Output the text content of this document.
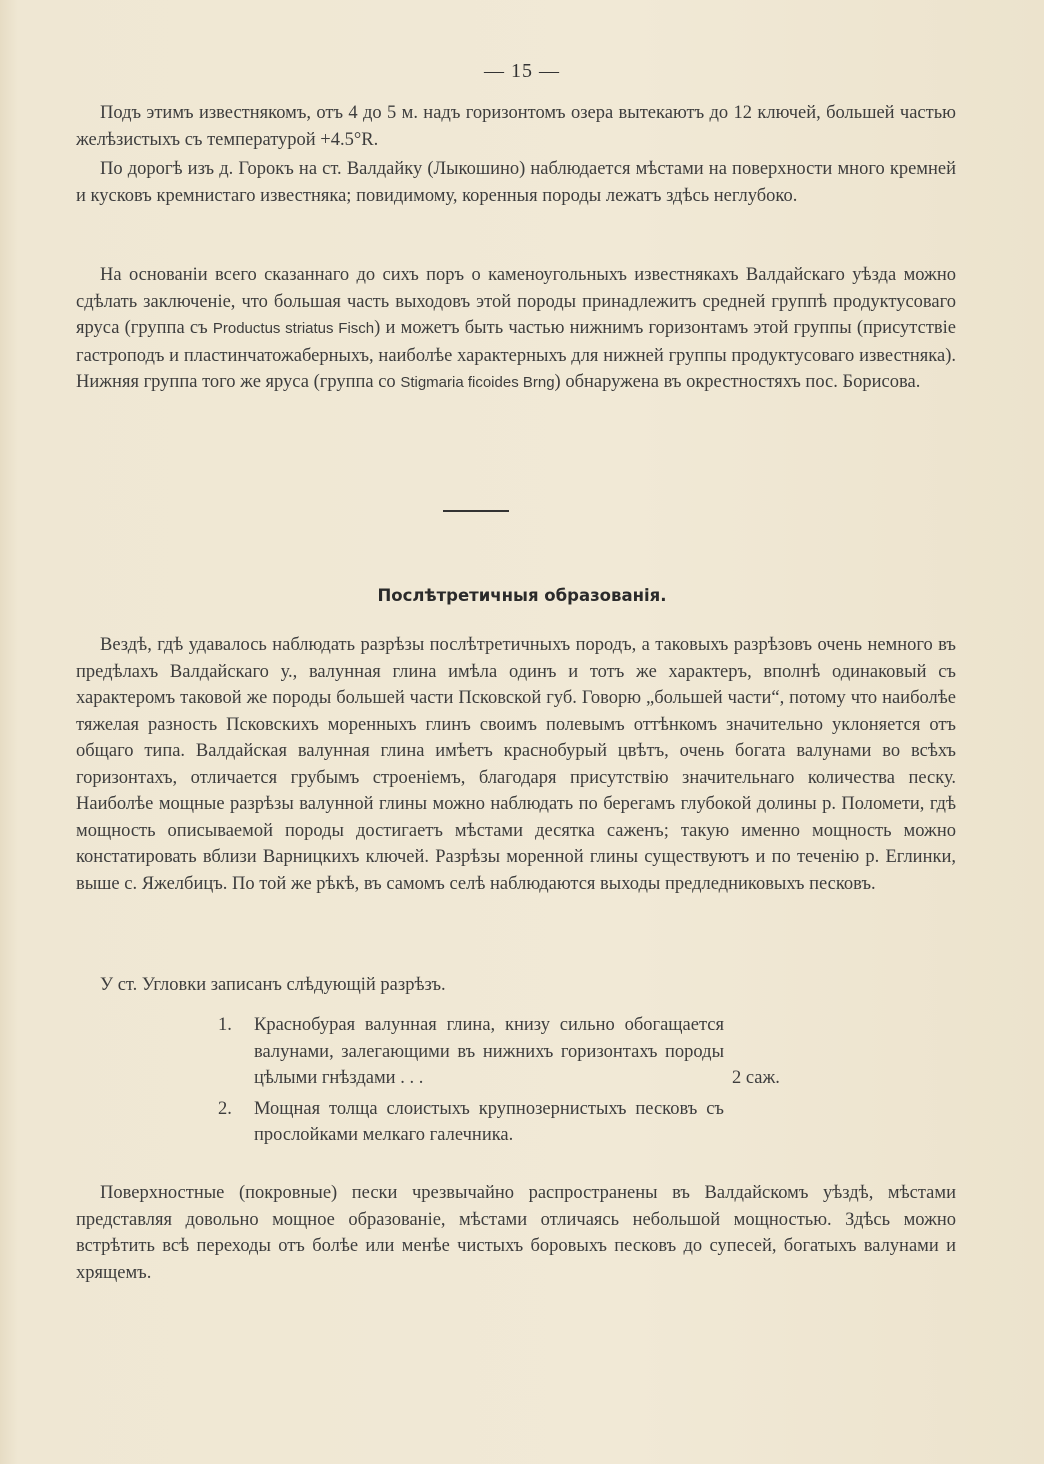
— 15 —

Подъ этимъ известнякомъ, отъ 4 до 5 м. надъ горизонтомъ озера вытекаютъ до 12 ключей, большей частью желѣзистыхъ съ температурой +4.5°R.

По дорогѣ изъ д. Горокъ на ст. Валдайку (Лыкошино) наблюдается мѣстами на поверхности много кремней и кусковъ кремнистаго известняка; повидимому, коренныя породы лежатъ здѣсь неглубоко.

На основаніи всего сказаннаго до сихъ поръ о каменоугольныхъ известнякахъ Валдайскаго уѣзда можно сдѣлать заключеніе, что большая часть выходовъ этой породы принадлежитъ средней группѣ продуктусоваго яруса (группа съ Productus striatus Fisch) и можетъ быть частью нижнимъ горизонтамъ этой группы (присутствіе гастроподъ и пластинчатожаберныхъ, наиболѣе характерныхъ для нижней группы продуктусоваго известняка). Нижняя группа того же яруса (группа со Stigmaria ficoides Brng) обнаружена въ окрестностяхъ пос. Борисова.

Послѣтретичныя образованія.

Вездѣ, гдѣ удавалось наблюдать разрѣзы послѣтретичныхъ породъ, а таковыхъ разрѣзовъ очень немного въ предѣлахъ Валдайскаго у., валунная глина имѣла одинъ и тотъ же характеръ, вполнѣ одинаковый съ характеромъ таковой же породы большей части Псковской губ. Говорю „большей части“, потому что наиболѣе тяжелая разность Псковскихъ моренныхъ глинъ своимъ полевымъ оттѣнкомъ значительно уклоняется отъ общаго типа. Валдайская валунная глина имѣетъ краснобурый цвѣтъ, очень богата валунами во всѣхъ горизонтахъ, отличается грубымъ строеніемъ, благодаря присутствію значительнаго количества песку. Наиболѣе мощные разрѣзы валунной глины можно наблюдать по берегамъ глубокой долины р. Поломети, гдѣ мощность описываемой породы достигаетъ мѣстами десятка саженъ; такую именно мощность можно констатировать вблизи Варницкихъ ключей. Разрѣзы моренной глины существуютъ и по теченію р. Еглинки, выше с. Яжелбицъ. По той же рѣкѣ, въ самомъ селѣ наблюдаются выходы предледниковыхъ песковъ.

У ст. Угловки записанъ слѣдующій разрѣзъ.

1. Краснобурая валунная глина, книзу сильно обогащается валунами, залегающими въ нижнихъ горизонтахъ породы цѣлыми гнѣздами . . .	2 саж.
2. Мощная толща слоистыхъ крупнозернистыхъ песковъ съ прослойками мелкаго галечника.

Поверхностные (покровные) пески чрезвычайно распространены въ Валдайскомъ уѣздѣ, мѣстами представляя довольно мощное образованіе, мѣстами отличаясь небольшой мощностью. Здѣсь можно встрѣтить всѣ переходы отъ болѣе или менѣе чистыхъ боровыхъ песковъ до супесей, богатыхъ валунами и хрящемъ.
